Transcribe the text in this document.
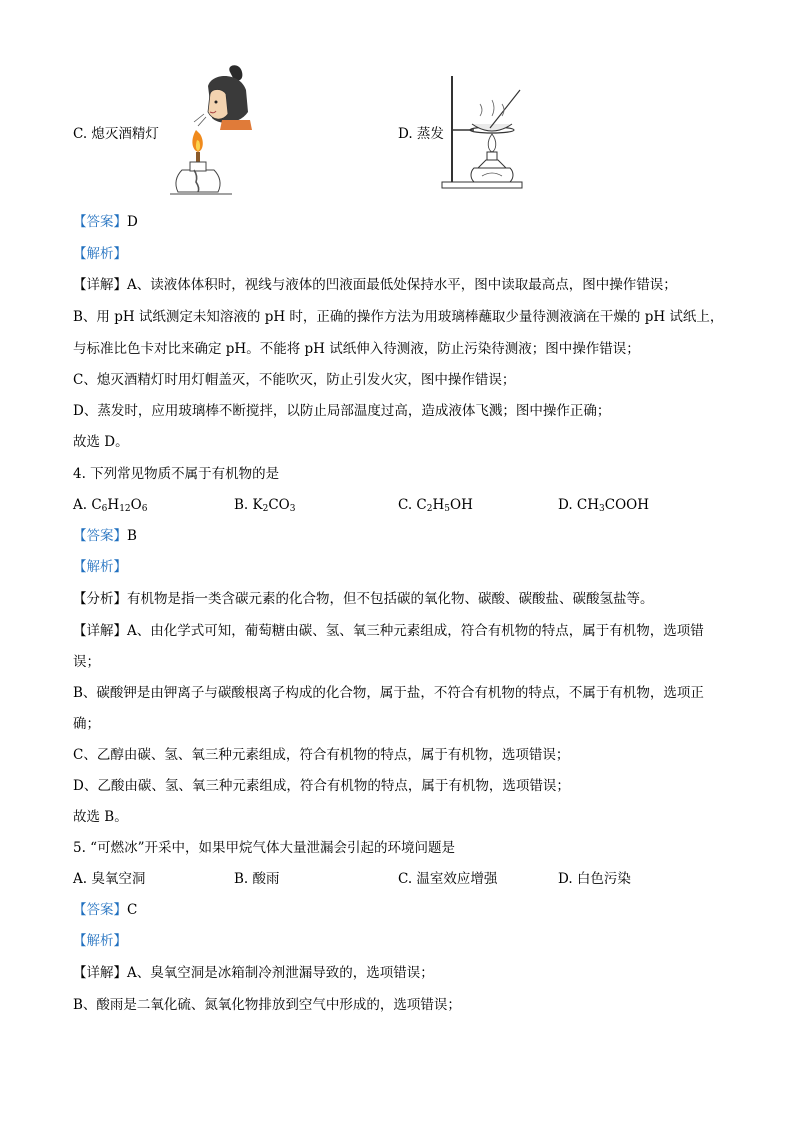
C. 熄灭酒精灯	D. 蒸发
【答案】D
【解析】
【详解】A、读液体体积时，视线与液体的凹液面最低处保持水平，图中读取最高点，图中操作错误；
B、用 pH 试纸测定未知溶液的 pH 时，正确的操作方法为用玻璃棒蘸取少量待测液滴在干燥的 pH 试纸上，
与标准比色卡对比来确定 pH。不能将 pH 试纸伸入待测液，防止污染待测液；图中操作错误；
C、熄灭酒精灯时用灯帽盖灭，不能吹灭，防止引发火灾，图中操作错误；
D、蒸发时，应用玻璃棒不断搅拌，以防止局部温度过高，造成液体飞溅；图中操作正确；
故选 D。
4. 下列常见物质不属于有机物的是
A. $C_6H_{12}O_6$	B. $K_2CO_3$	C. $C_2H_5OH$	D. $CH_3COOH$
【答案】B
【解析】
【分析】有机物是指一类含碳元素的化合物，但不包括碳的氧化物、碳酸、碳酸盐、碳酸氢盐等。
【详解】A、由化学式可知，葡萄糖由碳、氢、氧三种元素组成，符合有机物的特点，属于有机物，选项错
误；
B、碳酸钾是由钾离子与碳酸根离子构成的化合物，属于盐，不符合有机物的特点，不属于有机物，选项正
确；
C、乙醇由碳、氢、氧三种元素组成，符合有机物的特点，属于有机物，选项错误；
D、乙酸由碳、氢、氧三种元素组成，符合有机物的特点，属于有机物，选项错误；
故选 B。
5. “可燃冰”开采中，如果甲烷气体大量泄漏会引起的环境问题是
A. 臭氧空洞	B. 酸雨	C. 温室效应增强	D. 白色污染
【答案】C
【解析】
【详解】A、臭氧空洞是冰箱制冷剂泄漏导致的，选项错误；
B、酸雨是二氧化硫、氮氧化物排放到空气中形成的，选项错误；
